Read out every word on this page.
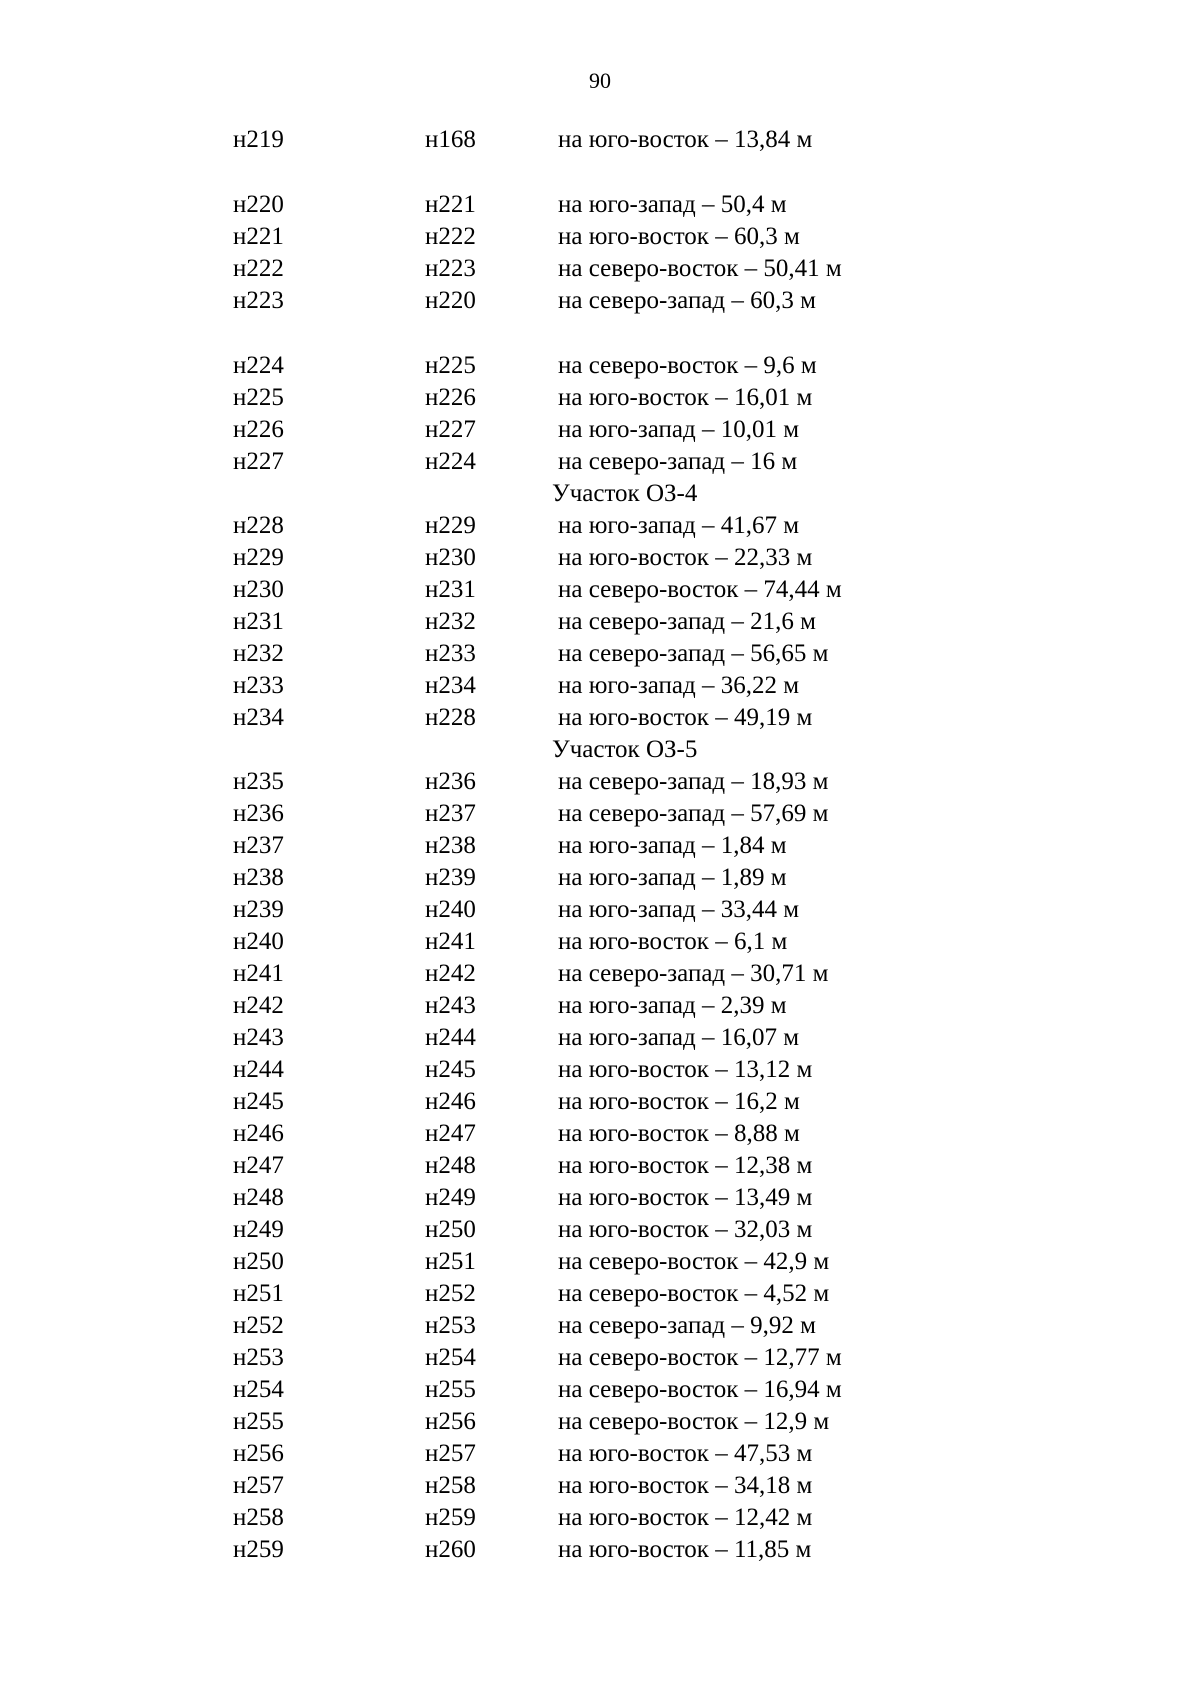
90
н219	н168	на юго-восток – 13,84 м
н220	н221	на юго-запад – 50,4 м
н221	н222	на юго-восток – 60,3 м
н222	н223	на северо-восток – 50,41 м
н223	н220	на северо-запад – 60,3 м
н224	н225	на северо-восток – 9,6 м
н225	н226	на юго-восток – 16,01 м
н226	н227	на юго-запад – 10,01 м
н227	н224	на северо-запад – 16 м
Участок ОЗ-4
н228	н229	на юго-запад – 41,67 м
н229	н230	на юго-восток – 22,33 м
н230	н231	на северо-восток – 74,44 м
н231	н232	на северо-запад – 21,6 м
н232	н233	на северо-запад – 56,65 м
н233	н234	на юго-запад – 36,22 м
н234	н228	на юго-восток – 49,19 м
Участок ОЗ-5
н235	н236	на северо-запад – 18,93 м
н236	н237	на северо-запад – 57,69 м
н237	н238	на юго-запад – 1,84 м
н238	н239	на юго-запад – 1,89 м
н239	н240	на юго-запад – 33,44 м
н240	н241	на юго-восток – 6,1 м
н241	н242	на северо-запад – 30,71 м
н242	н243	на юго-запад – 2,39 м
н243	н244	на юго-запад – 16,07 м
н244	н245	на юго-восток – 13,12 м
н245	н246	на юго-восток – 16,2 м
н246	н247	на юго-восток – 8,88 м
н247	н248	на юго-восток – 12,38 м
н248	н249	на юго-восток – 13,49 м
н249	н250	на юго-восток – 32,03 м
н250	н251	на северо-восток – 42,9 м
н251	н252	на северо-восток – 4,52 м
н252	н253	на северо-запад – 9,92 м
н253	н254	на северо-восток – 12,77 м
н254	н255	на северо-восток – 16,94 м
н255	н256	на северо-восток – 12,9 м
н256	н257	на юго-восток – 47,53 м
н257	н258	на юго-восток – 34,18 м
н258	н259	на юго-восток – 12,42 м
н259	н260	на юго-восток – 11,85 м
